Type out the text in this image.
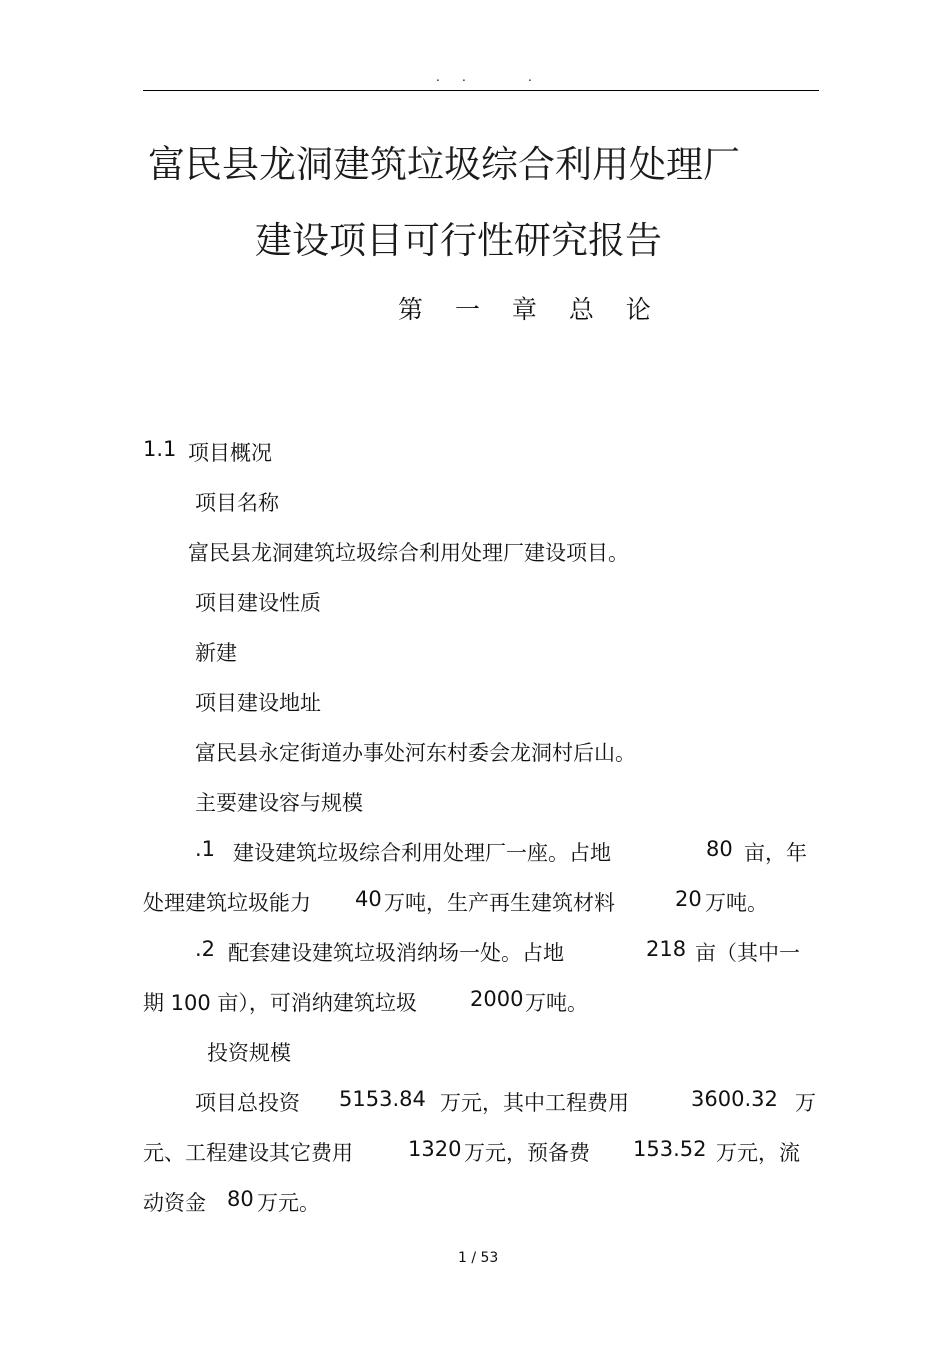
. .	.
富民县龙洞建筑垃圾综合利用处理厂
建设项目可行性研究报告
第 一 章 总 论
1.1 项目概况
项目名称
富民县龙洞建筑垃圾综合利用处理厂建设项目。
项目建设性质
新建
项目建设地址
富民县永定街道办事处河东村委会龙洞村后山。
主要建设容与规模
.1 建设建筑垃圾综合利用处理厂一座。占地	80 亩，年
处理建筑垃圾能力 40 万吨，生产再生建筑材料	20 万吨。
.2 配套建设建筑垃圾消纳场一处。占地	218 亩（其中一
期 100 亩），可消纳建筑垃圾	2000 万吨。
投资规模
项目总投资 5153.84 万元，其中工程费用	3600.32 万
元、工程建设其它费用	1320 万元，预备费 153.52 万元，流
动资金 80 万元。
1 / 53
